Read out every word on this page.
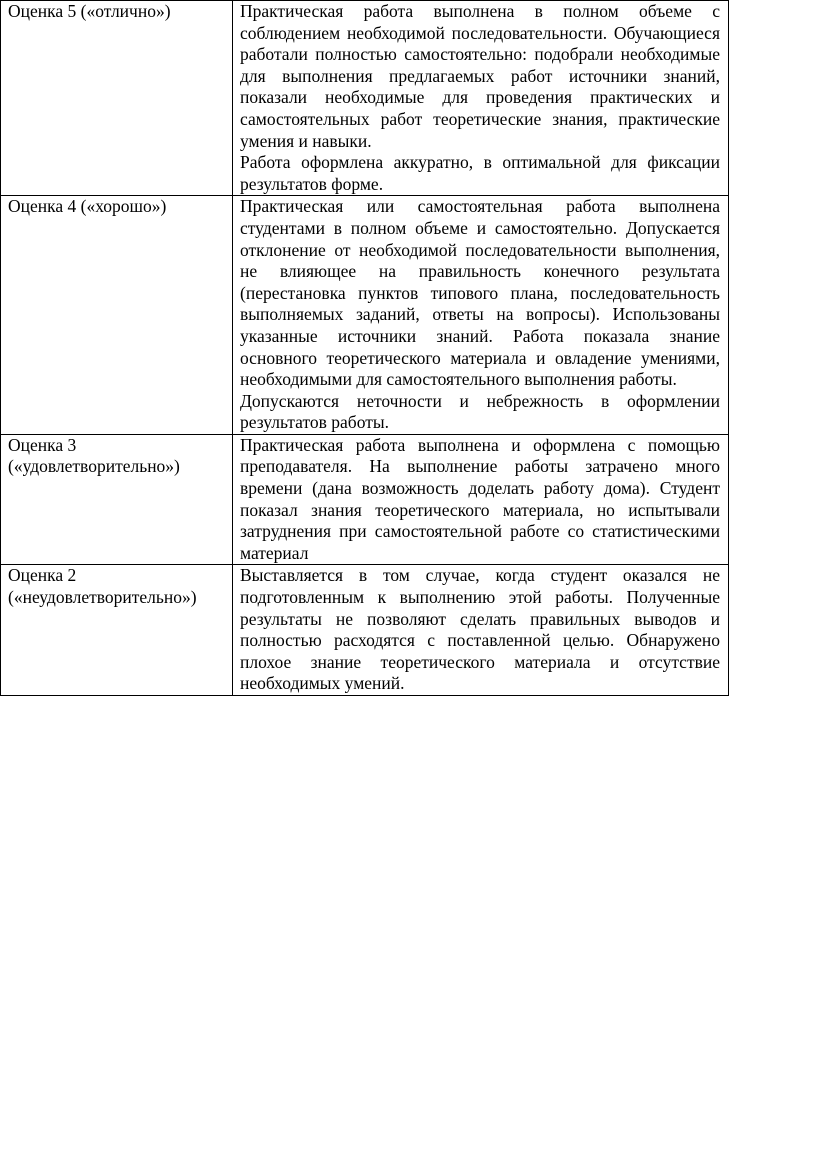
Оценка 5 («отлично»)	Практическая работа выполнена в полном объеме с соблюдением необходимой последовательности. Обучающиеся работали полностью самостоятельно: подобрали необходимые для выполнения предлагаемых работ источники знаний, показали необходимые для проведения практических и самостоятельных работ теоретические знания, практические умения и навыки.

Работа оформлена аккуратно, в оптимальной для фиксации результатов форме.

Оценка 4 («хорошо»)	Практическая или самостоятельная работа выполнена студентами в полном объеме и самостоятельно. Допускается отклонение от необходимой последовательности выполнения, не влияющее на правильность конечного результата (перестановка пунктов типового плана, последовательность выполняемых заданий, ответы на вопросы). Использованы указанные источники знаний. Работа показала знание основного теоретического материала и овладение умениями, необходимыми для самостоятельного выполнения работы.

Допускаются неточности и небрежность в оформлении результатов работы.

Оценка 3 («удовлетворительно»)	Практическая работа выполнена и оформлена с помощью преподавателя. На выполнение работы затрачено много времени (дана возможность доделать работу дома). Студент показал знания теоретического материала, но испытывали затруднения при самостоятельной работе со статистическими материал

Оценка 2 («неудовлетворительно»)	Выставляется в том случае, когда студент оказался не подготовленным к выполнению этой работы. Полученные результаты не позволяют сделать правильных выводов и полностью расходятся с поставленной целью. Обнаружено плохое знание теоретического материала и отсутствие необходимых умений.
